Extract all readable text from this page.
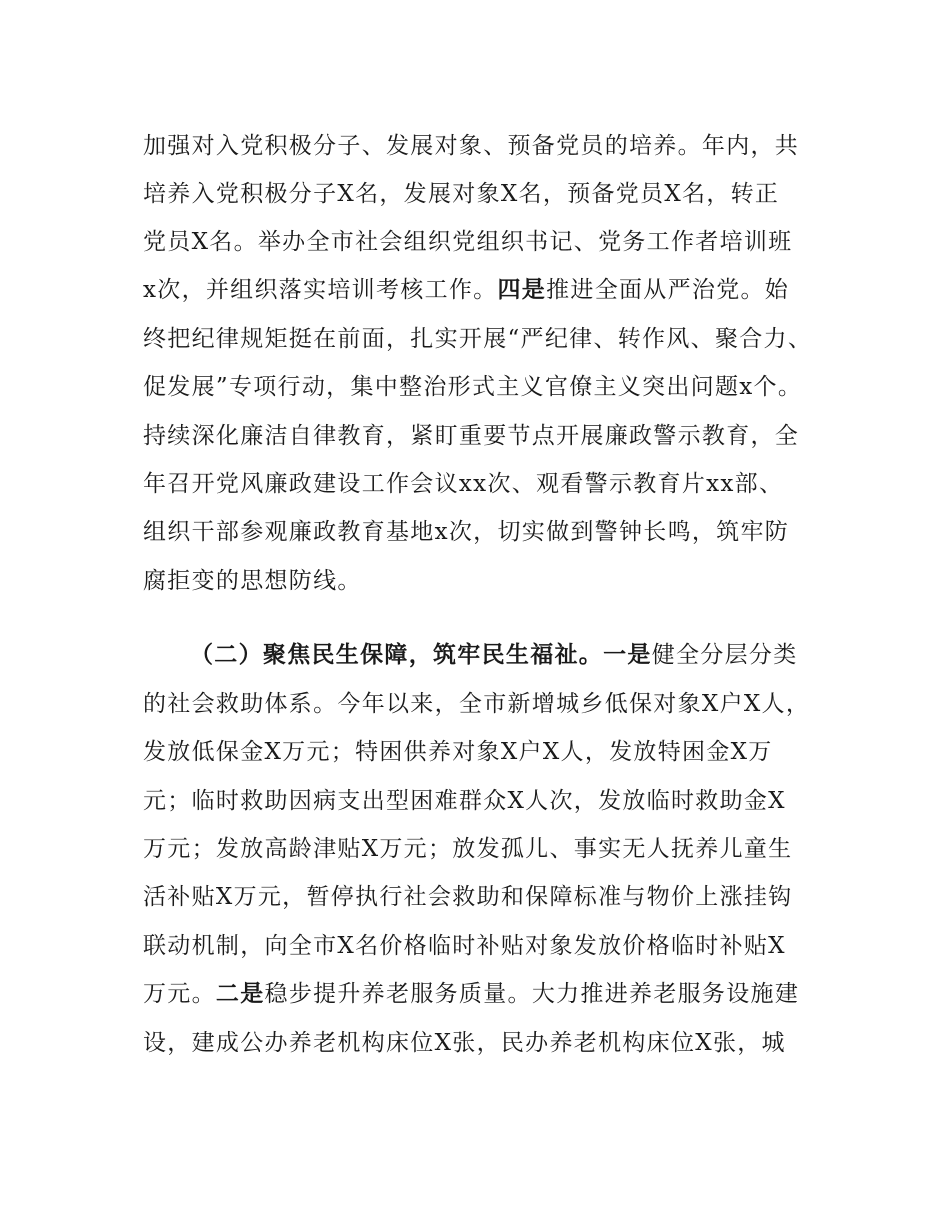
加强对入党积极分子、发展对象、预备党员的培养。年内，共
培养入党积极分子X名，发展对象X名，预备党员X名，转正
党员X名。举办全市社会组织党组织书记、党务工作者培训班
x次，并组织落实培训考核工作。四是推进全面从严治党。始
终把纪律规矩挺在前面，扎实开展“严纪律、转作风、聚合力、
促发展”专项行动，集中整治形式主义官僚主义突出问题x个。
持续深化廉洁自律教育，紧盯重要节点开展廉政警示教育，全
年召开党风廉政建设工作会议xx次、观看警示教育片xx部、
组织干部参观廉政教育基地x次，切实做到警钟长鸣，筑牢防
腐拒变的思想防线。
（二）聚焦民生保障，筑牢民生福祉。一是健全分层分类
的社会救助体系。今年以来，全市新增城乡低保对象X户X人，
发放低保金X万元；特困供养对象X户X人，发放特困金X万
元；临时救助因病支出型困难群众X人次，发放临时救助金X
万元；发放高龄津贴X万元；放发孤儿、事实无人抚养儿童生
活补贴X万元，暂停执行社会救助和保障标准与物价上涨挂钩
联动机制，向全市X名价格临时补贴对象发放价格临时补贴X
万元。二是稳步提升养老服务质量。大力推进养老服务设施建
设，建成公办养老机构床位X张，民办养老机构床位X张，城
